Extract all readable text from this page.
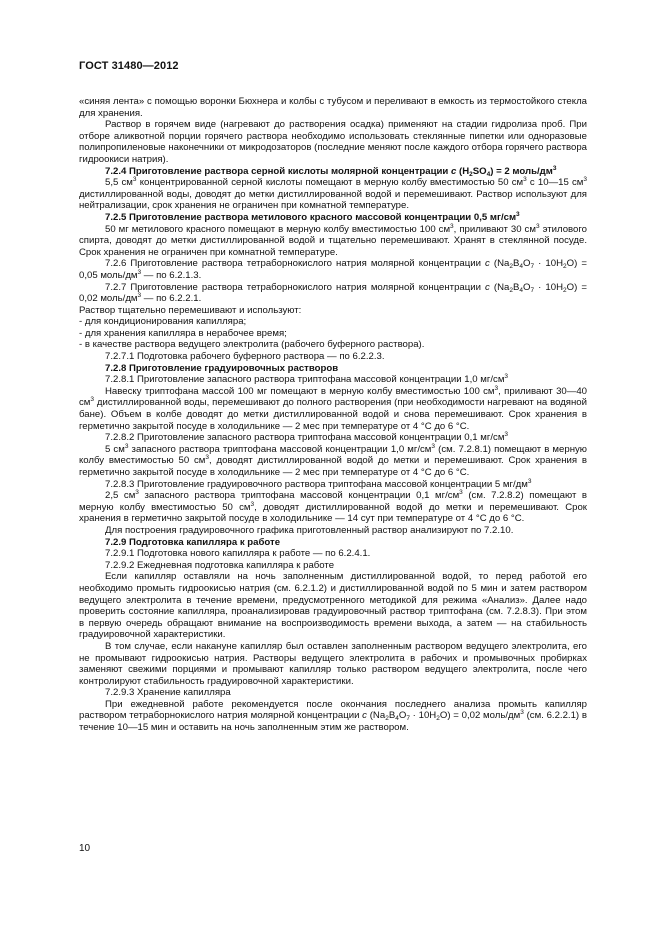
ГОСТ 31480—2012

«синяя лента» с помощью воронки Бюхнера и колбы с тубусом и переливают в емкость из термостойкого стекла для хранения.

Раствор в горячем виде (нагревают до растворения осадка) применяют на стадии гидролиза проб. При отборе аликвотной порции горячего раствора необходимо использовать стеклянные пипетки или одноразовые полипропиленовые наконечники от микродозаторов (последние меняют после каждого отбора горячего раствора гидроокиси натрия).

7.2.4 Приготовление раствора серной кислоты молярной концентрации c $(H_2SO_4) = 2$ моль/$дм^3$

5,5 $см^3$ концентрированной серной кислоты помещают в мерную колбу вместимостью 50 $см^3$ с 10—15 $см^3$ дистиллированной воды, доводят до метки дистиллированной водой и перемешивают. Раствор используют для нейтрализации, срок хранения не ограничен при комнатной температуре.

7.2.5 Приготовление раствора метилового красного массовой концентрации 0,5 $мг/см^3$

50 мг метилового красного помещают в мерную колбу вместимостью 100 $см^3$, приливают 30 $см^3$ этилового спирта, доводят до метки дистиллированной водой и тщательно перемешивают. Хранят в стеклянной посуде. Срок хранения не ограничен при комнатной температуре.

7.2.6 Приготовление раствора тетраборнокислого натрия молярной концентрации c $(Na_2B_4O_7 \cdot 10H_2O) = 0,05$ моль/$дм^3$ — по 6.2.1.3.

7.2.7 Приготовление раствора тетраборнокислого натрия молярной концентрации c $(Na_2B_4O_7 \cdot 10H_2O) = 0,02$ моль/$дм^3$ — по 6.2.2.1.

Раствор тщательно перемешивают и используют:

- для кондиционирования капилляра;

- для хранения капилляра в нерабочее время;

- в качестве раствора ведущего электролита (рабочего буферного раствора).

7.2.7.1 Подготовка рабочего буферного раствора — по 6.2.2.3.

7.2.8 Приготовление градуировочных растворов

7.2.8.1 Приготовление запасного раствора триптофана массовой концентрации 1,0 $мг/см^3$

Навеску триптофана массой 100 мг помещают в мерную колбу вместимостью 100 $см^3$, приливают 30—40 $см^3$ дистиллированной воды, перемешивают до полного растворения (при необходимости нагревают на водяной бане). Объем в колбе доводят до метки дистиллированной водой и снова перемешивают. Срок хранения в герметично закрытой посуде в холодильнике — 2 мес при температуре от 4 °С до 6 °С.

7.2.8.2 Приготовление запасного раствора триптофана массовой концентрации 0,1 $мг/см^3$

5 $см^3$ запасного раствора триптофана массовой концентрации 1,0 $мг/см^3$ (см. 7.2.8.1) помещают в мерную колбу вместимостью 50 $см^3$, доводят дистиллированной водой до метки и перемешивают. Срок хранения в герметично закрытой посуде в холодильнике — 2 мес при температуре от 4 °С до 6 °С.

7.2.8.3 Приготовление градуировочного раствора триптофана массовой концентрации 5 $мг/дм^3$

2,5 $см^3$ запасного раствора триптофана массовой концентрации 0,1 $мг/см^3$ (см. 7.2.8.2) помещают в мерную колбу вместимостью 50 $см^3$, доводят дистиллированной водой до метки и перемешивают. Срок хранения в герметично закрытой посуде в холодильнике — 14 сут при температуре от 4 °С до 6 °С.

Для построения градуировочного графика приготовленный раствор анализируют по 7.2.10.

7.2.9 Подготовка капилляра к работе

7.2.9.1 Подготовка нового капилляра к работе — по 6.2.4.1.

7.2.9.2 Ежедневная подготовка капилляра к работе

Если капилляр оставляли на ночь заполненным дистиллированной водой, то перед работой его необходимо промыть гидроокисью натрия (см. 6.2.1.2) и дистиллированной водой по 5 мин и затем раствором ведущего электролита в течение времени, предусмотренного методикой для режима «Анализ». Далее надо проверить состояние капилляра, проанализировав градуировочный раствор триптофана (см. 7.2.8.3). При этом в первую очередь обращают внимание на воспроизводимость времени выхода, а затем — на стабильность градуировочной характеристики.

В том случае, если накануне капилляр был оставлен заполненным раствором ведущего электролита, его не промывают гидроокисью натрия. Растворы ведущего электролита в рабочих и промывочных пробирках заменяют свежими порциями и промывают капилляр только раствором ведущего электролита, после чего контролируют стабильность градуировочной характеристики.

7.2.9.3 Хранение капилляра

При ежедневной работе рекомендуется после окончания последнего анализа промыть капилляр раствором тетраборнокислого натрия молярной концентрации c $(Na_2B_4O_7 \cdot 10H_2O) = 0,02$ моль/$дм^3$ (см. 6.2.2.1) в течение 10—15 мин и оставить на ночь заполненным этим же раствором.

10
